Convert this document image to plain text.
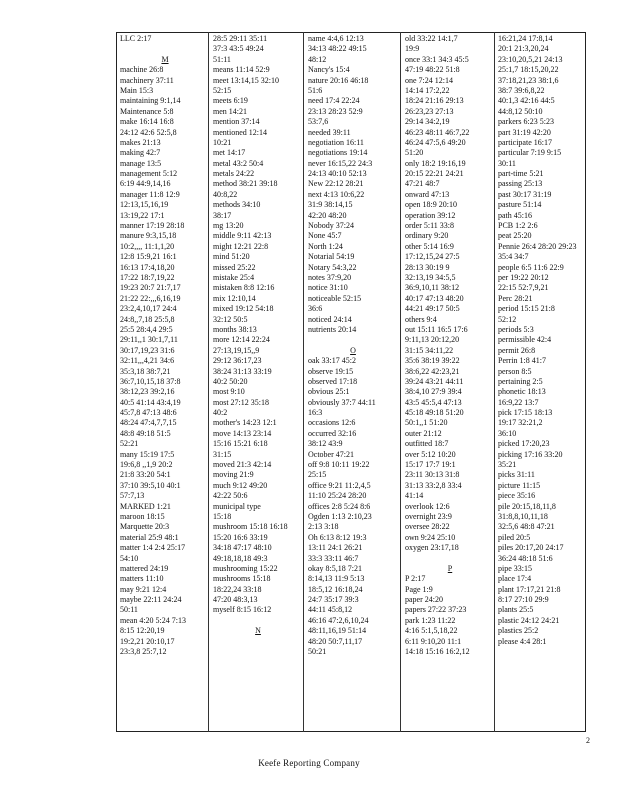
LLC 2:17
M
machine 26:8
machinery 37:11
Main 15:3
maintaining 9:1,14
Maintenance 5:8
make 16:14 16:8
24:12 42:6 52:5,8
makes 21:13
making 42:7
manage 13:5
management 5:12
6:19 44:9,14,16
manager 11:8 12:9
12:13,15,16,19
13:19,22 17:1
manner 17:19 28:18
manure 9:3,15,18
10:2,,,, 11:1,1,20
12:8 15:9,21 16:1
16:13 17:4,18,20
17:22 18:7,19,22
19:23 20:7 21:7,17
21:22 22:,,,6,16,19
23:2,4,10,17 24:4
24:8,,7,18 25:5,8
25:5 28:4,4 29:5
29:11,,1 30:1,7,11
30:17,19,23 31:6
32:11,,,4,21 34:6
35:3,18 38:7,21
36:7,10,15,18 37:8
38:12,23 39:2,16
40:5 41:14 43:4,19
45:7,8 47:13 48:6
48:24 47:4,7,7,15
48:8 49:18 51:5
52:21
many 15:19 17:5
19:6,8 ,,1,9 20:2
21:8 33:20 54:1
37:10 39:5,10 40:1
57:7,13
MARKED 1:21
maroon 18:15
Marquette 20:3
material 25:9 48:1
matter 1:4 2:4 25:17
54:10
mattered 24:19
matters 11:10
may 9:21 12:4
maybe 22:11 24:24
50:11
mean 4:20 5:24 7:13
8:15 12:20,19
19:2,21 20:10,17
23:3,8 25:7,12
28:5 29:11 35:11
37:3 43:5 49:24
51:11
means 11:14 52:9
meet 13:14,15 32:10
52:15
meets 6:19
men 14:21
mention 37:14
mentioned 12:14
10:21
met 14:17
metal 43:2 50:4
metals 24:22
method 38:21 39:18
40:8,22
methods 34:10
38:17
mg 13:20
middle 9:11 42:13
might 12:21 22:8
mind 51:20
missed 25:22
mistake 25:4
mistaken 8:8 12:16
mix 12:10,14
mixed 19:12 54:18
32:12 50:5
months 38:13
more 12:14 22:24
27:13,19,15,,9
29:12 36:17,23
38:24 31:13 33:19
40:2 50:20
most 9:10
most 27:12 35:18
40:2
mother's 14:23 12:1
move 14:13 23:14
15:16 15:21 6:18
31:15
moved 21:3 42:14
moving 21:9
much 9:12 49:20
42:22 50:6
municipal type
15:18
mushroom 15:18 16:18
15:20 16:6 33:19
34:18 47:17 48:10
49:18,18,18 49:3
mushrooming 15:22
mushrooms 15:18
18:22,24 33:18
47:20 48:3,13
myself 8:15 16:12
N
name 4:4,6 12:13
34:13 48:22 49:15
48:12
Nancy's 15:4
nature 20:16 46:18
51:6
need 17:4 22:24
23:13 28:23 52:9
53:7,6
needed 39:11
negotiation 16:11
negotiations 19:14
never 16:15,22 24:3
24:13 40:10 52:13
New 22:12 28:21
next 4:13 10:6,22
31:9 38:14,15
42:20 48:20
Nobody 37:24
None 45:7
North 1:24
Notarial 54:19
Notary 54:3,22
notes 37:9,20
notice 31:10
noticeable 52:15
36:6
noticed 24:14
nutrients 20:14
O
oak 33:17 45:2
observe 19:15
observed 17:18
obvious 25:1
obviously 37:7 44:11
16:3
occasions 12:6
occurred 32:16
38:12 43:9
October 47:21
off 9:8 10:11 19:22
25:15
office 9:21 11:2,4,5
11:10 25:24 28:20
offices 2:8 5:24 8:6
Ogden 1:13 2:10,23
2:13 3:18
Oh 6:13 8:12 19:3
13:11 24:1 26:21
33:3 33:11 46:7
okay 8:5,18 7:21
8:14,13 11:9 5:13
18:5,12 16:18,24
24:7 35:17 39:3
44:11 45:8,12
46:16 47:2,6,10,24
48:11,16,19 51:14
48:20 50:7,11,17
50:21
old 33:22 14:1,7
19:9
once 33:1 34:3 45:5
47:19 48:22 51:8
one 7:24 12:14
14:14 17:2,22
18:24 21:16 29:13
26:23,23 27:13
29:14 34:2,19
46:23 48:11 46:7,22
46:24 47:5,6 49:20
51:20
only 18:2 19:16,19
20:15 22:21 24:21
47:21 48:7
onward 47:13
open 18:9 20:10
operation 39:12
order 5:11 33:8
ordinary 9:20
other 5:14 16:9
17:12,15,24 27:5
28:13 30:19 9
32:13,19 34:5,5
36:9,10,11 38:12
40:17 47:13 48:20
44:21 49:17 50:5
others 9:4
out 15:11 16:5 17:6
9:11,13 20:12,20
31:15 34:11,22
35:6 38:19 39:22
38:6,22 42:23,21
39:24 43:21 44:11
38:4,10 27:9 39:4
43:5 45:5,4 47:13
45:18 49:18 51:20
50:1,,1 51:20
outer 21:12
outfitted 18:7
over 5:12 10:20
15:17 17:7 19:1
23:11 30:13 31:8
31:13 33:2,8 33:4
41:14
overlook 12:6
overnight 23:9
oversee 28:22
own 9:24 25:10
oxygen 23:17,18
P
P 2:17
Page 1:9
paper 24:20
papers 27:22 37:23
park 1:23 11:22
4:16 5:1,5,18,22
6:11 9:10,20 11:1
14:18 15:16 16:2,12
16:21,24 17:8,14
20:1 21:3,20,24
23:10,20,5,21 24:13
25:1,7 18:15,20,22
37:18,21,23 38:1,6
38:7 39:6,8,22
40:1,3 42:16 44:5
44:8,12 50:10
parkers 6:23 5:23
part 31:19 42:20
participate 16:17
particular 7:19 9:15
30:11
part-time 5:21
passing 25:13
past 30:17 31:19
pasture 51:14
path 45:16
PCB 1:2 2:6
peat 25:20
Pennie 26:4 28:20 29:23
35:4 34:7
people 6:5 11:6 22:9
per 19:22 20:12
22:15 52:7,9,21
Perc 28:21
period 15:15 21:8
52:12
periods 5:3
permissible 42:4
permit 26:8
Perrin 1:8 41:7
person 8:5
pertaining 2:5
phonetic 18:13
16:9,22 13:7
pick 17:15 18:13
19:17 32:21,2
36:10
picked 17:20,23
picking 17:16 33:20
35:21
picks 31:11
picture 11:15
piece 35:16
pile 20:15,18,11,8
31:8,8,10,11,18
32:5,6 48:8 47:21
piled 20:5
piles 20:17,20 24:17
36:24 48:18 51:6
pipe 33:15
place 17:4
plant 17:17,21 21:8
8:17 27:10 29:9
plants 25:5
plastic 24:12 24:21
plastics 25:2
please 4:4 28:1
2
Keefe Reporting Company
